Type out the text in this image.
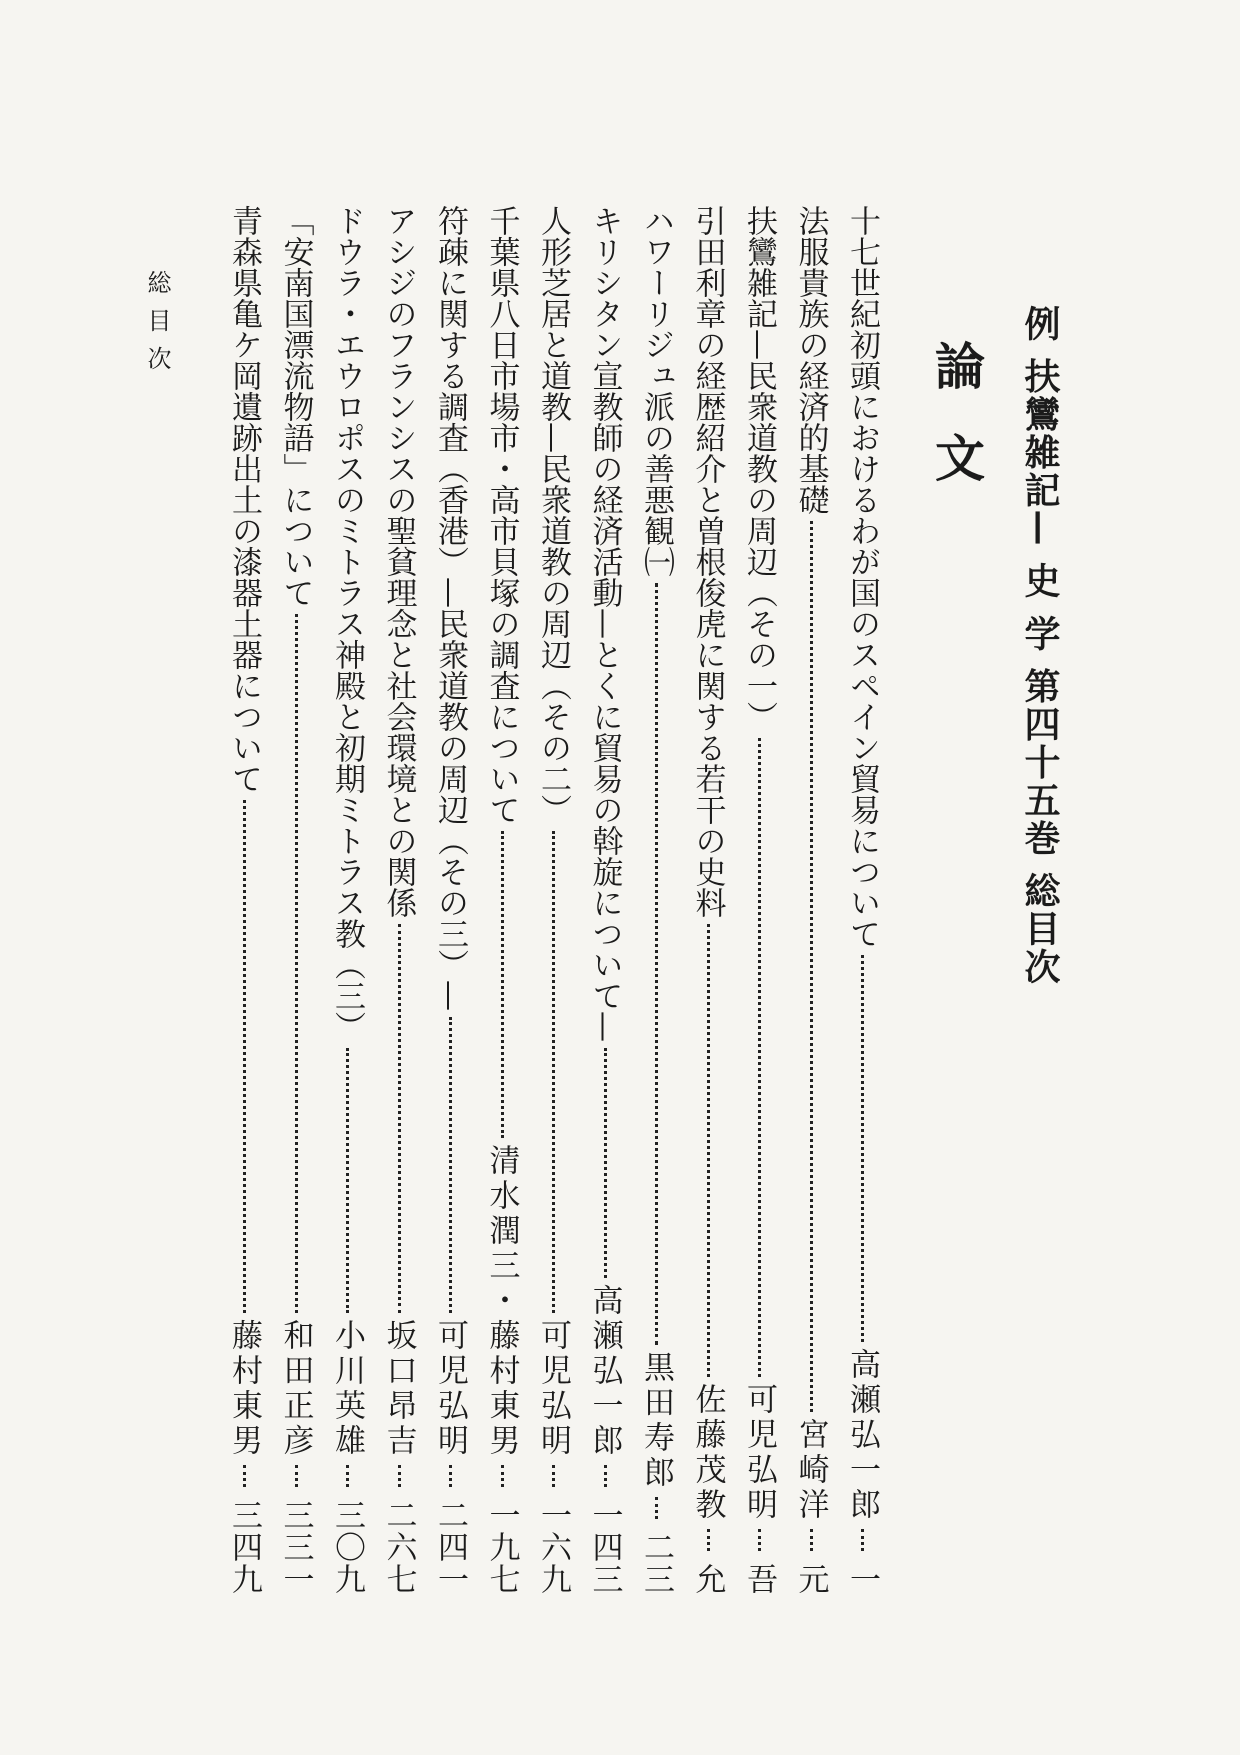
例 扶鸞雑記— 史 学 第四十五巻 総目次
論文
十七世紀初頭におけるわが国のスペイン貿易について
高瀬弘一郎
一
法服貴族の経済的基礎
宮崎洋
元
扶鸞雑記—民衆道教の周辺（その一）
可児弘明
吾
引田利章の経歴紹介と曽根俊虎に関する若干の史料
佐藤茂教
允
ハワーリジュ派の善悪観㈠
黒田寿郎
二三
キリシタン宣教師の経済活動—とくに貿易の斡旋について—
高瀬弘一郎
一四三
人形芝居と道教—民衆道教の周辺（その二）
可児弘明
一六九
千葉県八日市場市・高市貝塚の調査について
清水潤三・藤村東男
一九七
符疎に関する調査（香港）—民衆道教の周辺（その三）—
可児弘明
二四一
アシジのフランシスの聖貧理念と社会環境との関係
坂口昂吉
二六七
ドウラ・エウロポスのミトラス神殿と初期ミトラス教（三）
小川英雄
三〇九
「安南国漂流物語」について
和田正彦
三三一
青森県亀ケ岡遺跡出土の漆器土器について
藤村東男
三四九
総目次
